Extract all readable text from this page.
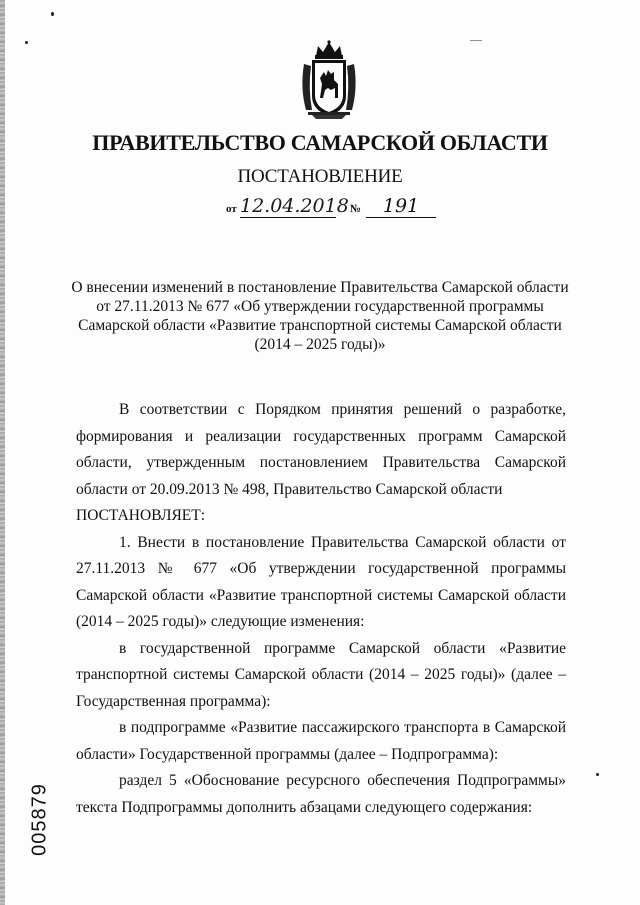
ПРАВИТЕЛЬСТВО САМАРСКОЙ ОБЛАСТИ
ПОСТАНОВЛЕНИЕ
от 12.04.2018 №	191
О внесении изменений в постановление Правительства Самарской области
от 27.11.2013 № 677 «Об утверждении государственной программы
Самарской области «Развитие транспортной системы Самарской области
(2014 – 2025 годы)»

В соответствии с Порядком принятия решений о разработке, формирования и реализации государственных программ Самарской области, утвержденным постановлением Правительства Самарской области от 20.09.2013 № 498, Правительство Самарской области

ПОСТАНОВЛЯЕТ:

1. Внести в постановление Правительства Самарской области от 27.11.2013 № 677 «Об утверждении государственной программы Самарской области «Развитие транспортной системы Самарской области (2014 – 2025 годы)» следующие изменения:

в государственной программе Самарской области «Развитие транспортной системы Самарской области (2014 – 2025 годы)» (далее – Государственная программа):

в подпрограмме «Развитие пассажирского транспорта в Самарской области» Государственной программы (далее – Подпрограмма):

раздел 5 «Обоснование ресурсного обеспечения Подпрограммы» текста Подпрограммы дополнить абзацами следующего содержания:

005879
